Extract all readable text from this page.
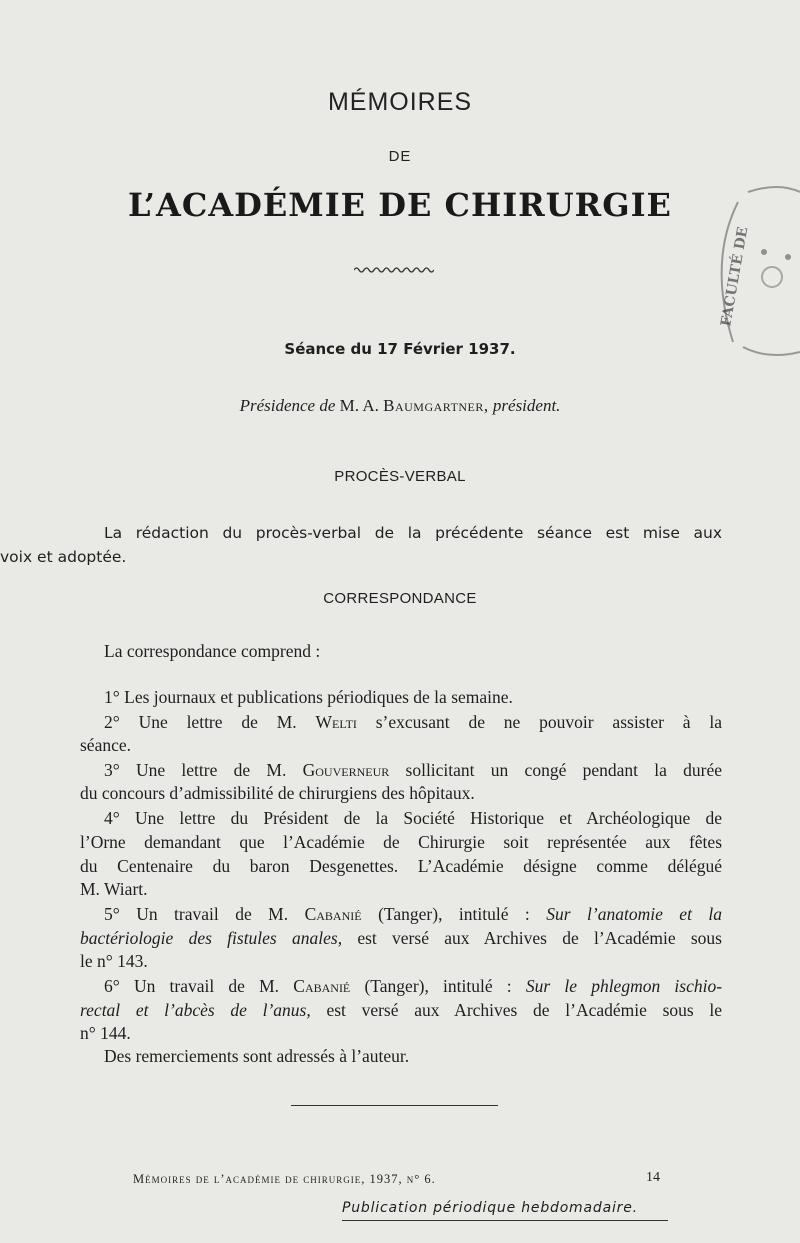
MÉMOIRES
DE
L’ACADÉMIE DE CHIRURGIE
FACULTÉ DE
Séance du 17 Février 1937.
Présidence de M. A. Baumgartner, président.
PROCÈS-VERBAL
La rédaction du procès-verbal de la précédente séance est mise aux
voix et adoptée.
CORRESPONDANCE
La correspondance comprend :
1° Les journaux et publications périodiques de la semaine.
2° Une lettre de M. Welti s’excusant de ne pouvoir assister à la
séance.
3° Une lettre de M. Gouverneur sollicitant un congé pendant la durée
du concours d’admissibilité de chirurgiens des hôpitaux.
4° Une lettre du Président de la Société Historique et Archéologique de
l’Orne demandant que l’Académie de Chirurgie soit représentée aux fêtes
du Centenaire du baron Desgenettes. L’Académie désigne comme délégué
M. Wiart.
5° Un travail de M. Cabanié (Tanger), intitulé : Sur l’anatomie et la
bactériologie des fistules anales, est versé aux Archives de l’Académie sous
le n° 143.
6° Un travail de M. Cabanié (Tanger), intitulé : Sur le phlegmon ischio-
rectal et l’abcès de l’anus, est versé aux Archives de l’Académie sous le
n° 144.
Des remerciements sont adressés à l’auteur.
Mémoires de l’académie de chirurgie, 1937, n° 6.	14
Publication périodique hebdomadaire.
